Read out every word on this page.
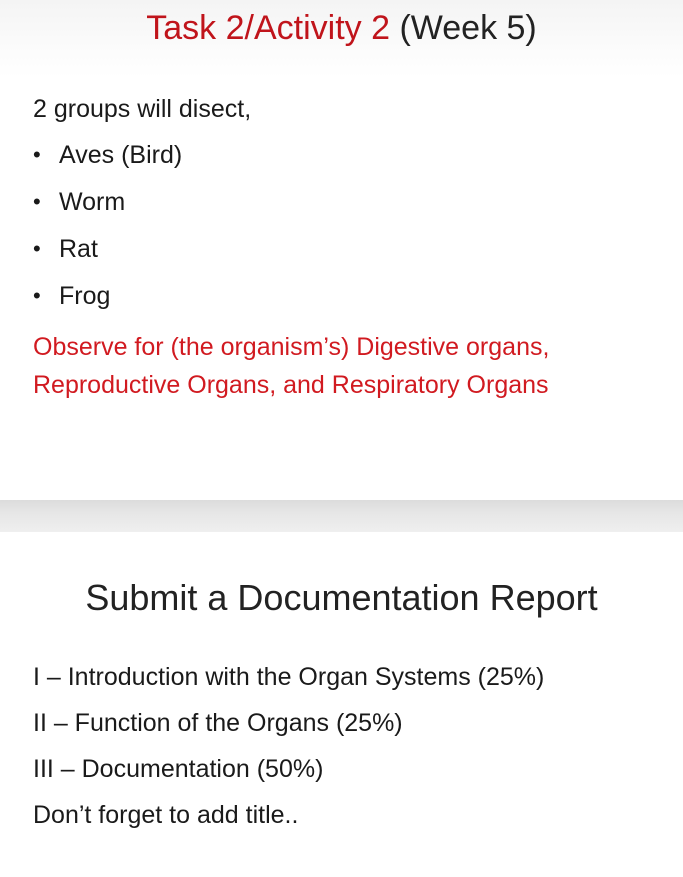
Task 2/Activity 2 (Week 5)
2 groups will disect,
• Aves (Bird)
• Worm
• Rat
• Frog
Observe for (the organism’s) Digestive organs,
Reproductive Organs, and Respiratory Organs
Submit a Documentation Report
I – Introduction with the Organ Systems (25%)
II – Function of the Organs (25%)
III – Documentation (50%)
Don’t forget to add title..
